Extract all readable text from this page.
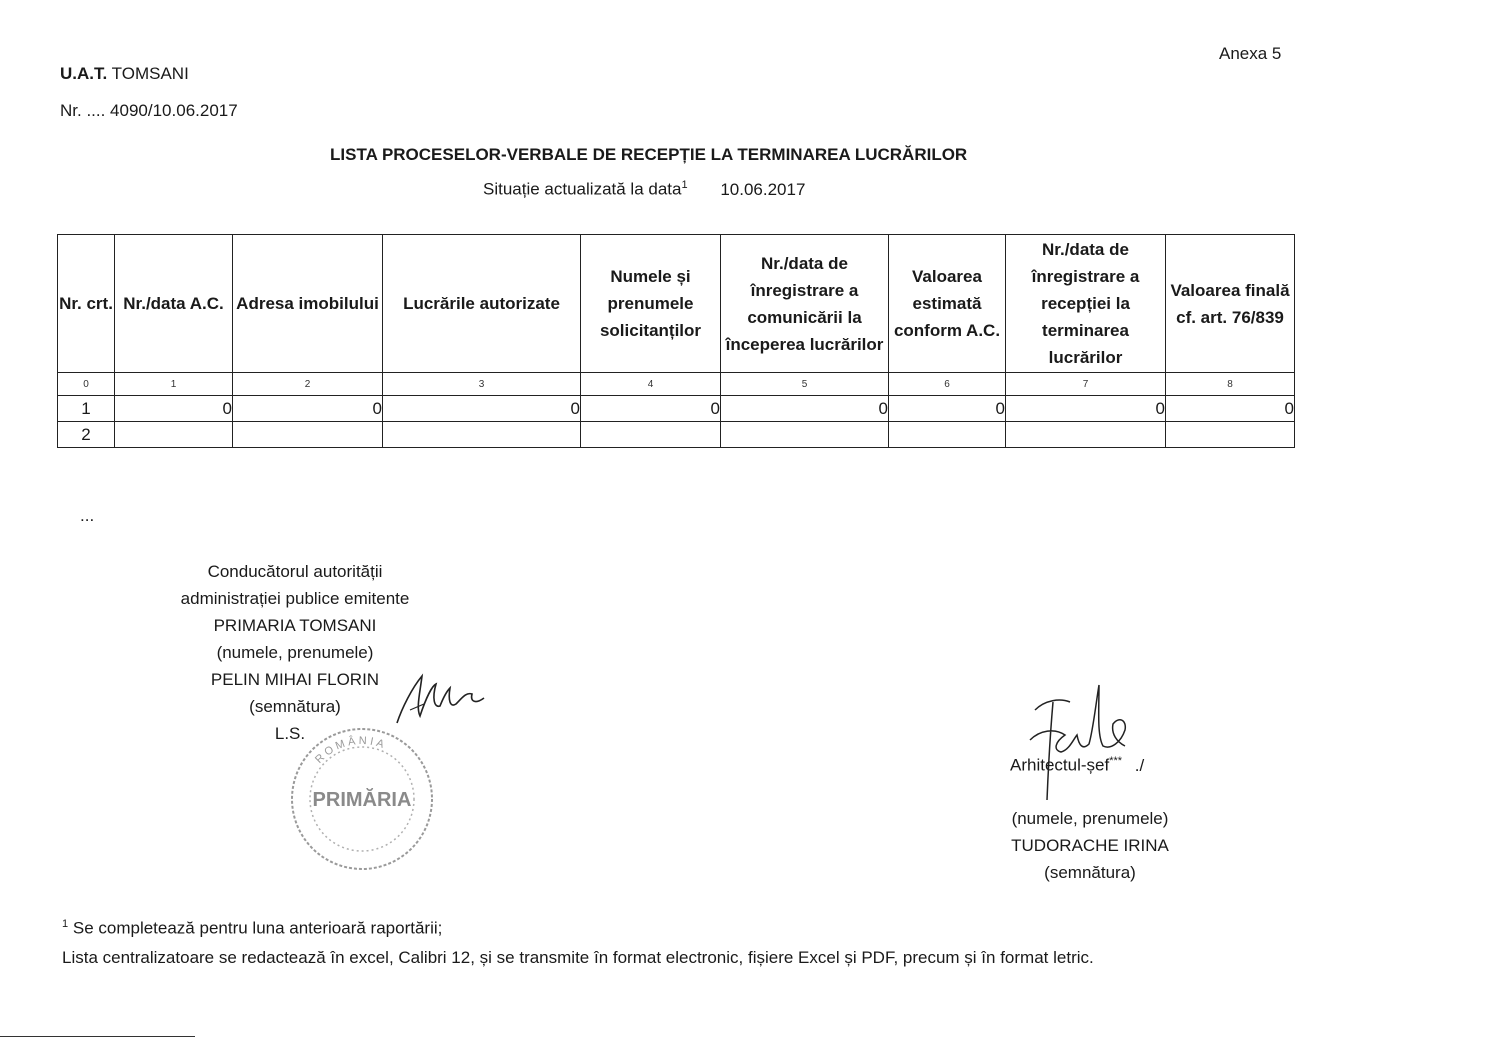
Anexa 5
U.A.T. TOMSANI
Nr. .... 4090/10.06.2017
LISTA PROCESELOR-VERBALE DE RECEPȚIE LA TERMINAREA LUCRĂRILOR
Situație actualizată la data$^1$ 10.06.2017
Nr. crt.	Nr./data A.C.	Adresa imobilului	Lucrările autorizate	Numele și prenumele solicitanților	Nr./data de înregistrare a comunicării la începerea lucrărilor	Valoarea estimată conform A.C.	Nr./data de înregistrare a recepției la terminarea lucrărilor	Valoarea finală cf. art. 76/839
0	1	2	3	4	5	6	7	8
1	0	0	0	0	0	0	0	0
2								
...
Conducătorul autorității
administrației publice emitente
PRIMARIA TOMSANI
(numele, prenumele)
PELIN MIHAI FLORIN
(semnătura)
L.S.
ROMÂNIA
PRIMĂRIA
Arhitectul-șef*** ./
(numele, prenumele)
TUDORACHE IRINA
(semnătura)
$^1$ Se completează pentru luna anterioară raportării;
Lista centralizatoare se redactează în excel, Calibri 12, și se transmite în format electronic, fișiere Excel și PDF, precum și în format letric.
